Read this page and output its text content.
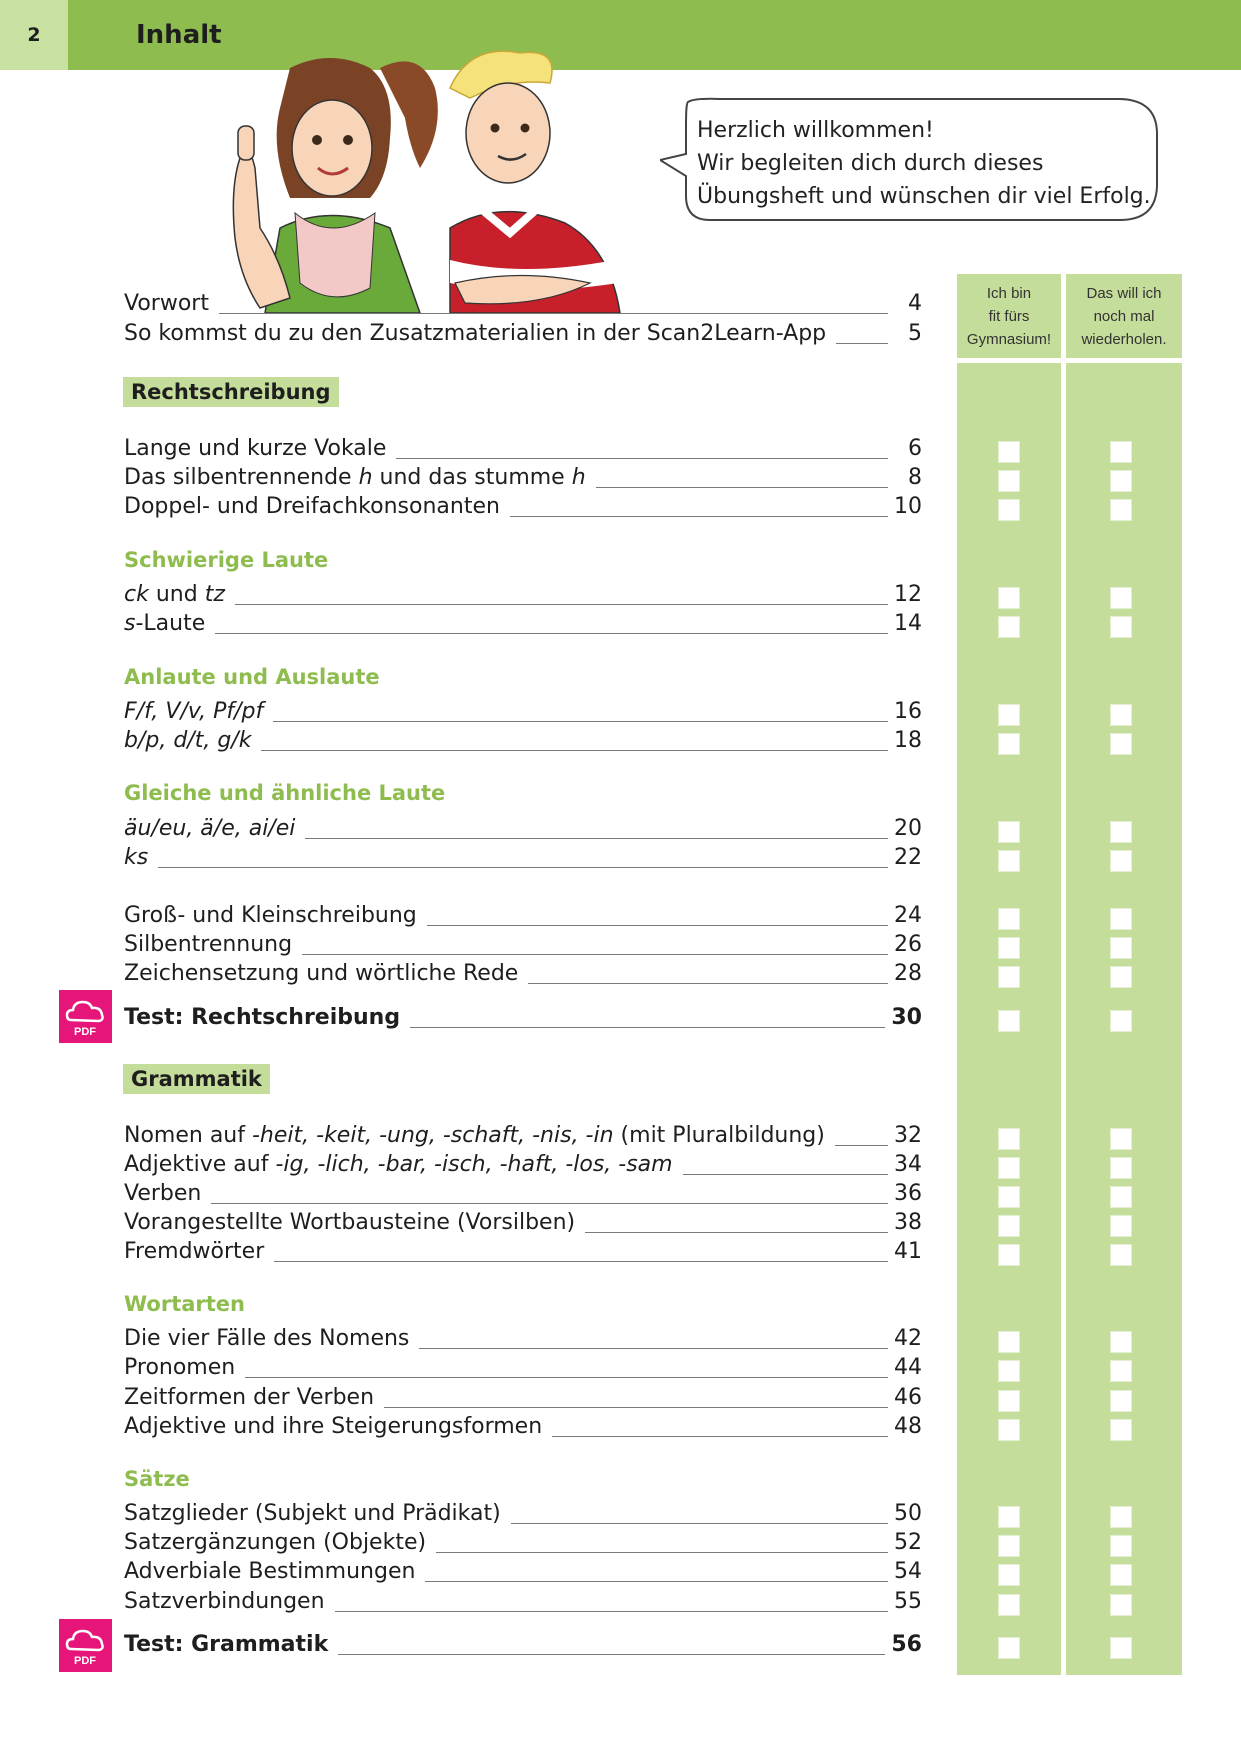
2	Inhalt
Herzlich willkommen!
Wir begleiten dich durch dieses
Übungsheft und wünschen dir viel Erfolg.
Ich bin
fit fürs
Gymnasium!
Das will ich
noch mal
wiederholen.
Vorwort	4
So kommst du zu den Zusatzmaterialien in der Scan2Learn-App	5
Rechtschreibung
Lange und kurze Vokale	6
Das silbentrennende h und das stumme h	8
Doppel- und Dreifachkonsonanten	10
Schwierige Laute
ck und tz	12
s-Laute	14
Anlaute und Auslaute
F/f, V/v, Pf/pf	16
b/p, d/t, g/k	18
Gleiche und ähnliche Laute
äu/eu, ä/e, ai/ei	20
ks	22
Groß- und Kleinschreibung	24
Silbentrennung	26
Zeichensetzung und wörtliche Rede	28
PDF
Test: Rechtschreibung	30
Grammatik
Nomen auf -heit, -keit, -ung, -schaft, -nis, -in (mit Pluralbildung)	32
Adjektive auf -ig, -lich, -bar, -isch, -haft, -los, -sam	34
Verben	36
Vorangestellte Wortbausteine (Vorsilben)	38
Fremdwörter	41
Wortarten
Die vier Fälle des Nomens	42
Pronomen	44
Zeitformen der Verben	46
Adjektive und ihre Steigerungsformen	48
Sätze
Satzglieder (Subjekt und Prädikat)	50
Satzergänzungen (Objekte)	52
Adverbiale Bestimmungen	54
Satzverbindungen	55
PDF
Test: Grammatik	56
